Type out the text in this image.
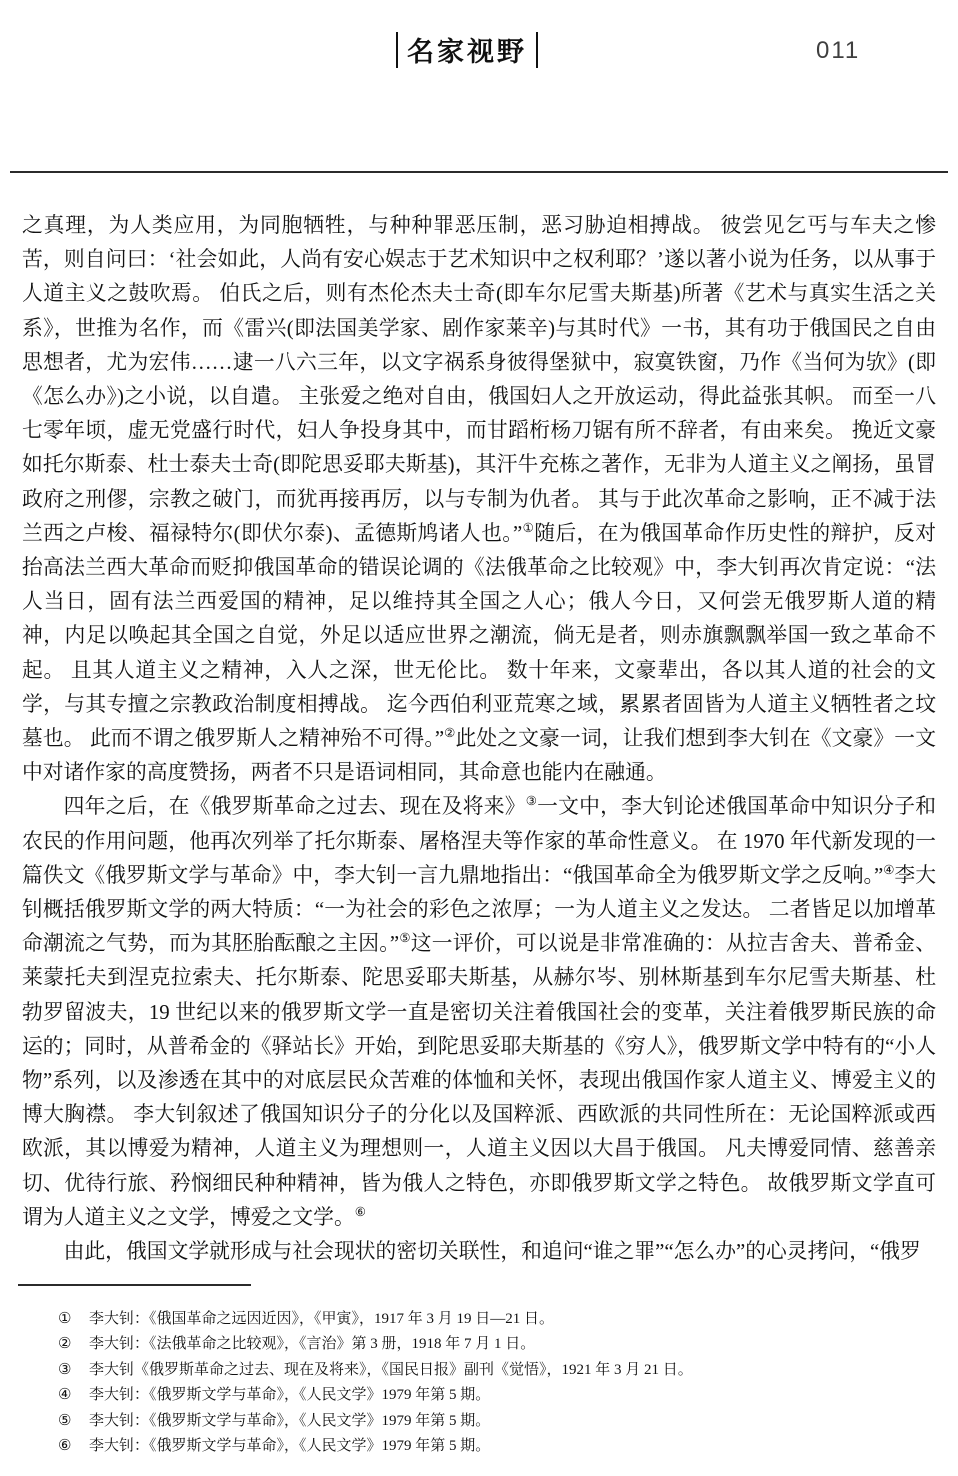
名家视野	011

之真理，为人类应用，为同胞牺牲，与种种罪恶压制，恶习胁迫相搏战。 彼尝见乞丐与车夫之惨苦，则自问曰：‘社会如此，人尚有安心娱志于艺术知识中之权利耶？’遂以著小说为任务，以从事于人道主义之鼓吹焉。 伯氏之后，则有杰伦杰夫士奇(即车尔尼雪夫斯基)所著《艺术与真实生活之关系》，世推为名作，而《雷兴(即法国美学家、剧作家莱辛)与其时代》一书，其有功于俄国民之自由思想者，尤为宏伟……逮一八六三年，以文字祸系身彼得堡狱中，寂寞铁窗，乃作《当何为欤》(即《怎么办》)之小说，以自遣。 主张爱之绝对自由，俄国妇人之开放运动，得此益张其帜。 而至一八七零年顷，虚无党盛行时代，妇人争投身其中，而甘蹈桁杨刀锯有所不辞者，有由来矣。 挽近文豪如托尔斯泰、杜士泰夫士奇(即陀思妥耶夫斯基)，其汗牛充栋之著作，无非为人道主义之阐扬，虽冒政府之刑僇，宗教之破门，而犹再接再厉，以与专制为仇者。 其与于此次革命之影响，正不减于法兰西之卢梭、福禄特尔(即伏尔泰)、孟德斯鸠诸人也。”①随后，在为俄国革命作历史性的辩护，反对抬高法兰西大革命而贬抑俄国革命的错误论调的《法俄革命之比较观》中，李大钊再次肯定说：“法人当日，固有法兰西爱国的精神，足以维持其全国之人心；俄人今日，又何尝无俄罗斯人道的精神，内足以唤起其全国之自觉，外足以适应世界之潮流，倘无是者，则赤旗飘飘举国一致之革命不起。 且其人道主义之精神，入人之深，世无伦比。 数十年来，文豪辈出，各以其人道的社会的文学，与其专擅之宗教政治制度相搏战。 迄今西伯利亚荒寒之域，累累者固皆为人道主义牺牲者之坟墓也。 此而不谓之俄罗斯人之精神殆不可得。”②此处之文豪一词，让我们想到李大钊在《文豪》一文中对诸作家的高度赞扬，两者不只是语词相同，其命意也能内在融通。

四年之后，在《俄罗斯革命之过去、现在及将来》③一文中，李大钊论述俄国革命中知识分子和农民的作用问题，他再次列举了托尔斯泰、屠格涅夫等作家的革命性意义。 在 1970 年代新发现的一篇佚文《俄罗斯文学与革命》中，李大钊一言九鼎地指出：“俄国革命全为俄罗斯文学之反响。”④李大钊概括俄罗斯文学的两大特质：“一为社会的彩色之浓厚；一为人道主义之发达。 二者皆足以加增革命潮流之气势，而为其胚胎酝酿之主因。”⑤这一评价，可以说是非常准确的：从拉吉舍夫、普希金、莱蒙托夫到涅克拉索夫、托尔斯泰、陀思妥耶夫斯基，从赫尔岑、别林斯基到车尔尼雪夫斯基、杜勃罗留波夫，19 世纪以来的俄罗斯文学一直是密切关注着俄国社会的变革，关注着俄罗斯民族的命运的；同时，从普希金的《驿站长》开始，到陀思妥耶夫斯基的《穷人》，俄罗斯文学中特有的“小人物”系列，以及渗透在其中的对底层民众苦难的体恤和关怀，表现出俄国作家人道主义、博爱主义的博大胸襟。 李大钊叙述了俄国知识分子的分化以及国粹派、西欧派的共同性所在：无论国粹派或西欧派，其以博爱为精神，人道主义为理想则一，人道主义因以大昌于俄国。 凡夫博爱同情、慈善亲切、优待行旅、矜悯细民种种精神，皆为俄人之特色，亦即俄罗斯文学之特色。 故俄罗斯文学直可谓为人道主义之文学，博爱之文学。⑥

由此，俄国文学就形成与社会现状的密切关联性，和追问“谁之罪”“怎么办”的心灵拷问，“俄罗

①	李大钊：《俄国革命之远因近因》，《甲寅》，1917 年 3 月 19 日—21 日。
②	李大钊：《法俄革命之比较观》，《言治》第 3 册，1918 年 7 月 1 日。
③	李大钊《俄罗斯革命之过去、现在及将来》，《国民日报》副刊《觉悟》，1921 年 3 月 21 日。
④	李大钊：《俄罗斯文学与革命》，《人民文学》1979 年第 5 期。
⑤	李大钊：《俄罗斯文学与革命》，《人民文学》1979 年第 5 期。
⑥	李大钊：《俄罗斯文学与革命》，《人民文学》1979 年第 5 期。
